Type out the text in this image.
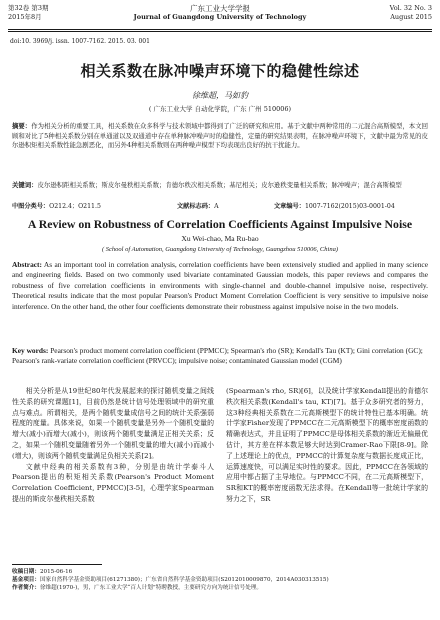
第32卷 第3期
2015年8月
广东工业大学学报
Journal of Guangdong University of Technology
Vol. 32 No. 3
August 2015
doi:10. 3969/j. issn. 1007-7162. 2015. 03. 001
相关系数在脉冲噪声环境下的稳健性综述
徐维超，马如豹
( 广东工业大学 自动化学院，广东 广州 510006)
摘要：作为相关分析的重要工具，相关系数在众多科学与技术领域中都得到了广泛的研究和应用。基于文献中两种常用的二元混合高斯模型，本文回顾和对比了5种相关系数分别在单通道以及双通道中存在单种脉冲噪声时的稳健性，定量的研究结果表明，在脉冲噪声环境下，文献中最为常见的皮尔逊积矩相关系数性能急剧恶化，而另外4种相关系数则在两种噪声模型下均表现出良好的抗干扰能力。
关键词：皮尔逊积距相关系数；斯皮尔曼秩相关系数；肯德尔秩次相关系数；基尼相关；皮尔逊秩变量相关系数；脉冲噪声；混合高斯模型
中图分类号：O212.4；O211.5	文献标志码：A	文章编号：1007-7162(2015)03-0001-04
A Review on Robustness of Correlation Coefficients Against Impulsive Noise
Xu Wei-chao, Ma Ru-bao
( School of Automation, Guangdong University of Technology, Guangzhou 510006, China)
Abstract: As an important tool in correlation analysis, correlation coefficients have been extensively studied and applied in many science and engineering fields. Based on two commonly used bivariate contaminated Gaussian models, this paper reviews and compares the robustness of five correlation coefficients in environments with single-channel and double-channel impulsive noise, respectively. Theoretical results indicate that the most popular Pearson's Product Moment Correlation Coefficient is very sensitive to impulsive noise interference. On the other hand, the other four coefficients demonstrate their robustness against impulsive noise in the two models.
Key words: Pearson's product moment correlation coefficient (PPMCC); Spearman's rho (SR); Kendall's Tau (KT); Gini correlation (GC); Pearson's rank-variate correlation coefficient (PRVCC); impulsive noise; contaminated Gaussian model (CGM)

相关分析是从19世纪80年代发展起来的探讨随机变量之间线性关系的研究课题[1]，目前仍然是统计信号处理领域中的研究重点与难点。所谓相关，是两个随机变量成信号之间的统计关系强弱程度的度量。具体来说，如果一个随机变量是另外一个随机变量的增大(减小)而增大(减小)，则该两个随机变量满足正相关关系；反之，如果一个随机变量随着另外一个随机变量的增大(减小)而减小(增大)，则该两个随机变量满足负相关关系[2]。

文献中经典的相关系数有3种，分别是由统计学泰斗人Pearson提出的积矩相关系数(Pearson's Product Moment Correlation Coefficient, PPMCC)[3-5]，心理学家Spearman提出的斯皮尔曼秩相关系数

(Spearman's rho, SR)[6]，以及统计学家Kendall提出的肯德尔秩次相关系数(Kendall's tau, KT)[7]。基于众多研究者的努力，这3种经典相关系数在二元高斯模型下的统计特性已基本明确。统计学家Fisher发现了PPMCC在二元高斯模型下的概率密度函数的精确表达式，并且证明了PPMCC是母体相关系数的渐近无偏最优估计，其方差在样本数足够大时达到Cramer-Rao下限[8-9]。除了上述理论上的优点，PPMCC的计算复杂度与数据长度成正比，运算速度快，可以满足实时性的要求。因此，PPMCC在各领域的应用中都占据了主导地位。与PPMCC不同，在二元高斯模型下，SR和KT的概率密度函数无法求得。在Kendall等一批统计学家的努力之下，SR

收稿日期：2015-06-16
基金项目：国家自然科学基金资助项目(61271380)；广东省自然科学基金资助项目(S2012010009870，2014A030313515)
作者简介：徐维超(1970-)，男，广东工业大学“百人计划”特聘教授，主要研究方向为统计信号处理。
